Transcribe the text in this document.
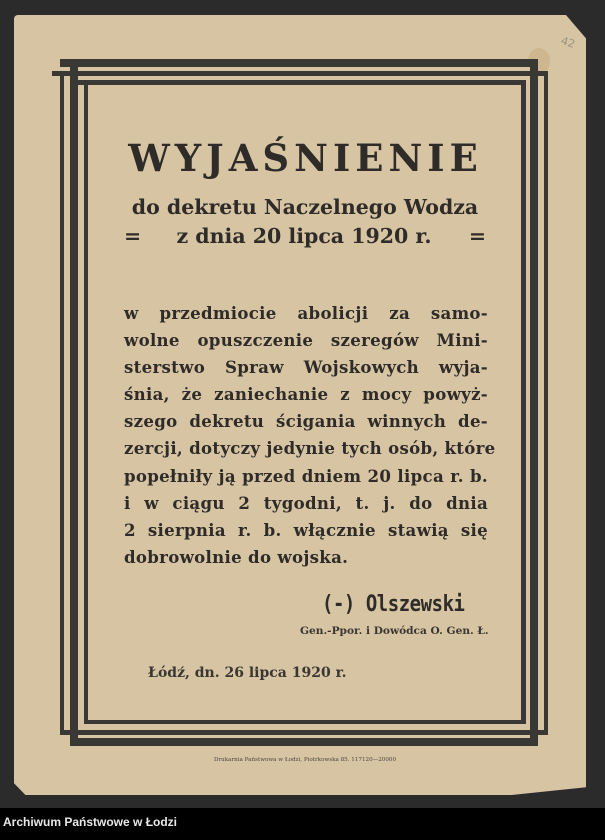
42
WYJAŚNIENIE
do dekretu Naczelnego Wodza
=	z dnia 20 lipca 1920 r.	=
w przedmiocie abolicji za samo-
wolne opuszczenie szeregów Mini-
sterstwo Spraw Wojskowych wyja-
śnia, że zaniechanie z mocy powyż-
szego dekretu ścigania winnych de-
zercji, dotyczy jedynie tych osób, które
popełniły ją przed dniem 20 lipca r. b.
i w ciągu 2 tygodni, t. j. do dnia
2 sierpnia r. b. włącznie stawią się
dobrowolnie do wojska.
(-) Olszewski
Gen.-Ppor. i Dowódca O. Gen. Ł.
Łódź, dn. 26 lipca 1920 r.
Drukarnia Państwowa w Łodzi, Piotrkowska 85. 117120—20000
Archiwum Państwowe w Łodzi
